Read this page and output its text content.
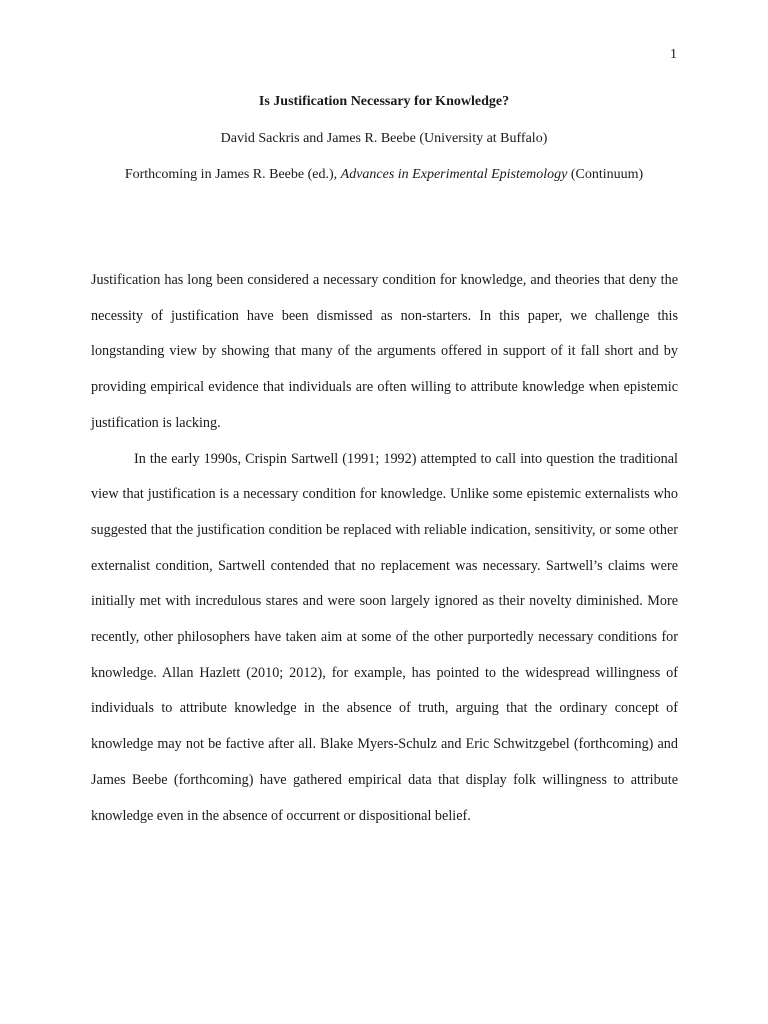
1
Is Justification Necessary for Knowledge?
David Sackris and James R. Beebe (University at Buffalo)
Forthcoming in James R. Beebe (ed.), Advances in Experimental Epistemology (Continuum)

Justification has long been considered a necessary condition for knowledge, and theories that deny the necessity of justification have been dismissed as non-starters. In this paper, we challenge this longstanding view by showing that many of the arguments offered in support of it fall short and by providing empirical evidence that individuals are often willing to attribute knowledge when epistemic justification is lacking.

In the early 1990s, Crispin Sartwell (1991; 1992) attempted to call into question the traditional view that justification is a necessary condition for knowledge. Unlike some epistemic externalists who suggested that the justification condition be replaced with reliable indication, sensitivity, or some other externalist condition, Sartwell contended that no replacement was necessary. Sartwell’s claims were initially met with incredulous stares and were soon largely ignored as their novelty diminished. More recently, other philosophers have taken aim at some of the other purportedly necessary conditions for knowledge. Allan Hazlett (2010; 2012), for example, has pointed to the widespread willingness of individuals to attribute knowledge in the absence of truth, arguing that the ordinary concept of knowledge may not be factive after all. Blake Myers-Schulz and Eric Schwitzgebel (forthcoming) and James Beebe (forthcoming) have gathered empirical data that display folk willingness to attribute knowledge even in the absence of occurrent or dispositional belief.
